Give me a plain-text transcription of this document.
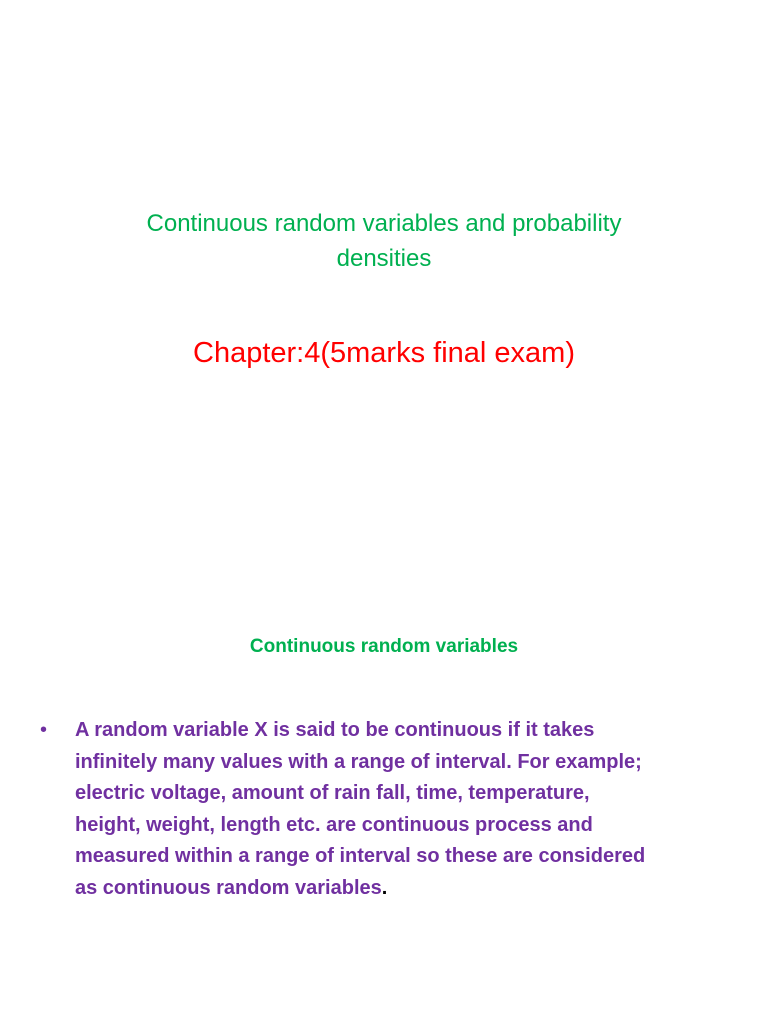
Continuous random variables and probability
densities
Chapter:4(5marks final exam)
Continuous random variables
• A random variable X is said to be continuous if it takes
infinitely many values with a range of interval. For example;
electric voltage, amount of rain fall, time, temperature,
height, weight, length etc. are continuous process and
measured within a range of interval so these are considered
as continuous random variables.
